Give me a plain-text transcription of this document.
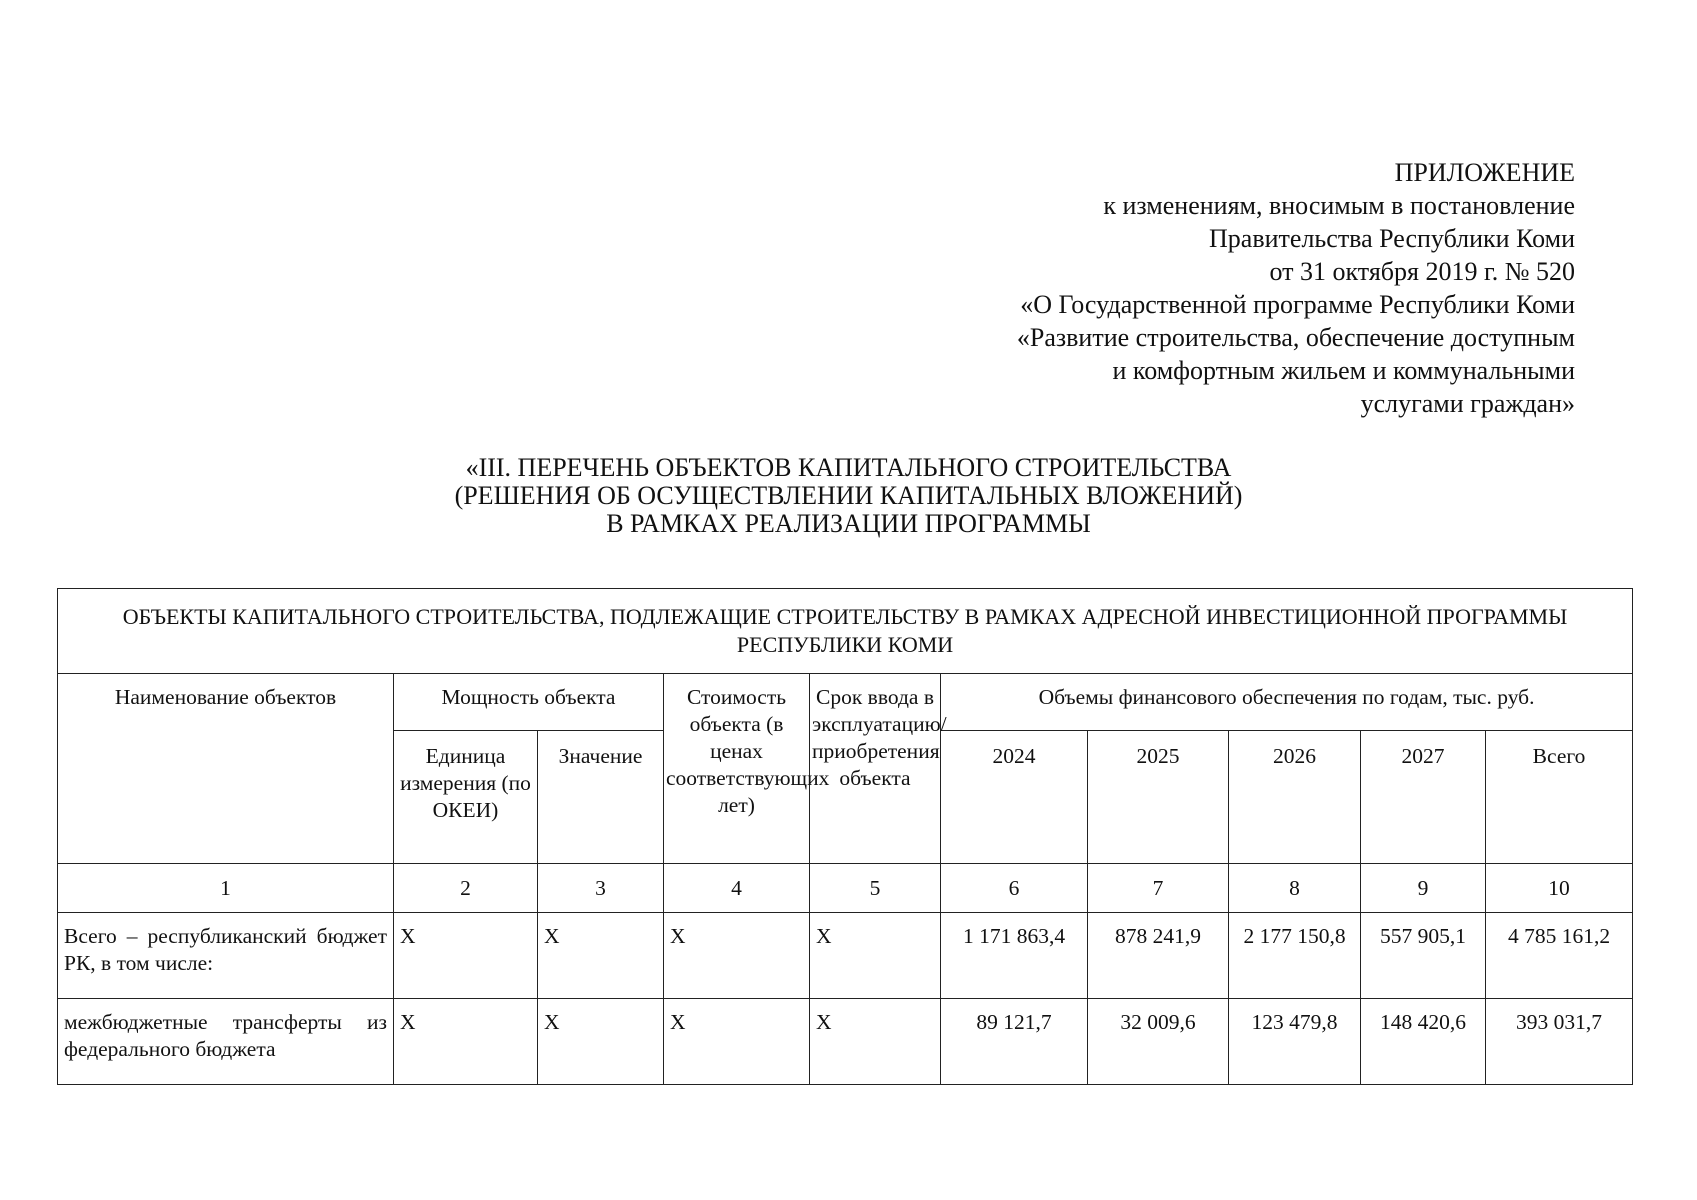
ПРИЛОЖЕНИЕ
к изменениям, вносимым в постановление
Правительства Республики Коми
от 31 октября 2019 г. № 520
«О Государственной программе Республики Коми
«Развитие строительства, обеспечение доступным
и комфортным жильем и коммунальными
услугами граждан»
«III. ПЕРЕЧЕНЬ ОБЪЕКТОВ КАПИТАЛЬНОГО СТРОИТЕЛЬСТВА
(РЕШЕНИЯ ОБ ОСУЩЕСТВЛЕНИИ КАПИТАЛЬНЫХ ВЛОЖЕНИЙ)
В РАМКАХ РЕАЛИЗАЦИИ ПРОГРАММЫ
ОБЪЕКТЫ КАПИТАЛЬНОГО СТРОИТЕЛЬСТВА, ПОДЛЕЖАЩИЕ СТРОИТЕЛЬСТВУ В РАМКАХ АДРЕСНОЙ ИНВЕСТИЦИОННОЙ ПРОГРАММЫ РЕСПУБЛИКИ КОМИ									
Наименование объектов	Мощность объекта		Стоимость объекта (в ценах соответствующих лет)	Срок ввода в эксплуатацию/приобретения объекта	Объемы финансового обеспечения по годам, тыс. руб.				
	Единица измерения (по ОКЕИ)	Значение			2024	2025	2026	2027	Всего
1	2	3	4	5	6	7	8	9	10
Всего – республиканский бюджет РК, в том числе:	Х	Х	Х	Х	1 171 863,4	878 241,9	2 177 150,8	557 905,1	4 785 161,2
межбюджетные трансферты из федерального бюджета	Х	Х	Х	Х	89 121,7	32 009,6	123 479,8	148 420,6	393 031,7
